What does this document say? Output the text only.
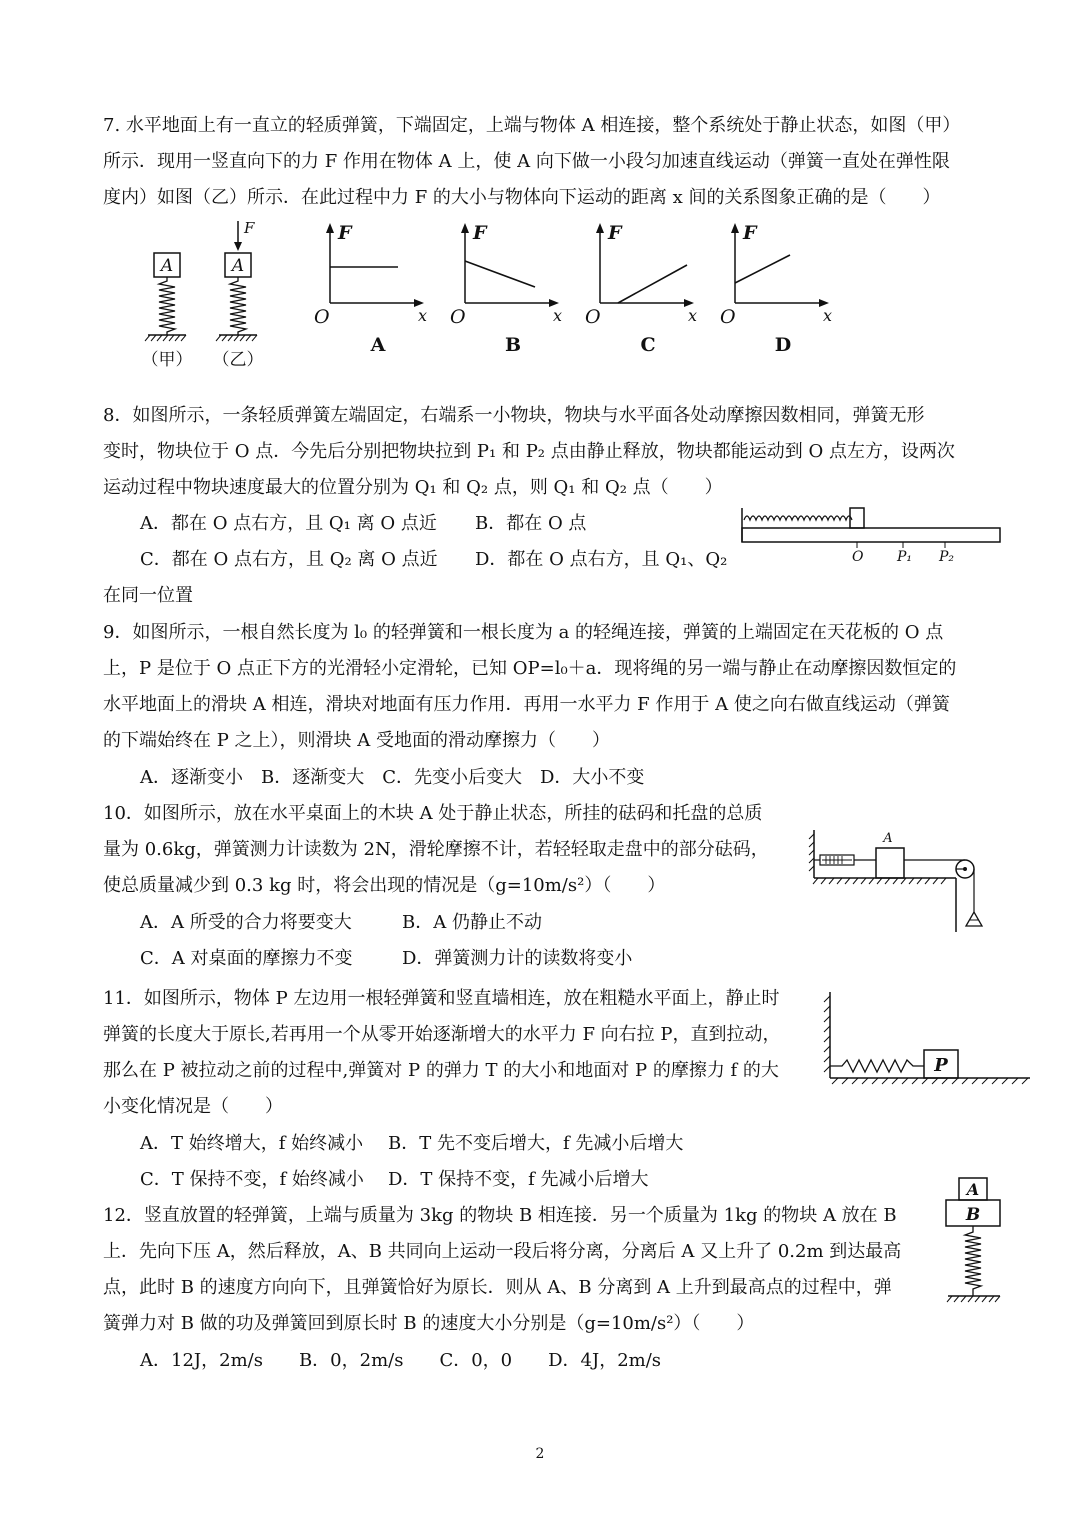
7. 水平地面上有一直立的轻质弹簧，下端固定，上端与物体 A 相连接，整个系统处于静止状态，如图（甲）

所示．现用一竖直向下的力 F 作用在物体 A 上，使 A 向下做一小段匀加速直线运动（弹簧一直处在弹性限

度内）如图（乙）所示．在此过程中力 F 的大小与物体向下运动的距离 x 间的关系图象正确的是（　　）

A
（甲）
F
A
（乙）
F
O	x
A
F
O	x
B
F
O	x
C
F
O	x
D

8．如图所示，一条轻质弹簧左端固定，右端系一小物块，物块与水平面各处动摩擦因数相同，弹簧无形

变时，物块位于 O 点．今先后分别把物块拉到 P₁ 和 P₂ 点由静止释放，物块都能运动到 O 点左方，设两次

运动过程中物块速度最大的位置分别为 Q₁ 和 Q₂ 点，则 Q₁ 和 Q₂ 点（　　）

A．都在 O 点右方，且 Q₁ 离 O 点近 B．都在 O 点

C．都在 O 点右方，且 Q₂ 离 O 点近 D．都在 O 点右方，且 Q₁、Q₂

在同一位置

O P₁ P₂

9．如图所示，一根自然长度为 l₀ 的轻弹簧和一根长度为 a 的轻绳连接，弹簧的上端固定在天花板的 O 点

上，P 是位于 O 点正下方的光滑轻小定滑轮，已知 OP=l₀＋a．现将绳的另一端与静止在动摩擦因数恒定的

水平地面上的滑块 A 相连，滑块对地面有压力作用．再用一水平力 F 作用于 A 使之向右做直线运动（弹簧

的下端始终在 P 之上），则滑块 A 受地面的滑动摩擦力（　　）

A．逐渐变小　B．逐渐变大　C．先变小后变大　D．大小不变

10．如图所示，放在水平桌面上的木块 A 处于静止状态，所挂的砝码和托盘的总质

量为 0.6kg，弹簧测力计读数为 2N，滑轮摩擦不计，若轻轻取走盘中的部分砝码，

使总质量减少到 0.3 kg 时，将会出现的情况是（g=10m/s²）（　　）

A．A 所受的合力将要变大	B．A 仍静止不动

C．A 对桌面的摩擦力不变	D．弹簧测力计的读数将变小

A

11．如图所示，物体 P 左边用一根轻弹簧和竖直墙相连，放在粗糙水平面上，静止时

弹簧的长度大于原长,若再用一个从零开始逐渐增大的水平力 F 向右拉 P，直到拉动，

那么在 P 被拉动之前的过程中,弹簧对 P 的弹力 T 的大小和地面对 P 的摩擦力 f 的大

小变化情况是（　　）

A．T 始终增大，f 始终减小 B．T 先不变后增大，f 先减小后增大

C．T 保持不变，f 始终减小 D．T 保持不变，f 先减小后增大

P

12．竖直放置的轻弹簧，上端与质量为 3kg 的物块 B 相连接．另一个质量为 1kg 的物块 A 放在 B

上．先向下压 A，然后释放，A、B 共同向上运动一段后将分离，分离后 A 又上升了 0.2m 到达最高

点，此时 B 的速度方向向下，且弹簧恰好为原长．则从 A、B 分离到 A 上升到最高点的过程中，弹

簧弹力对 B 做的功及弹簧回到原长时 B 的速度大小分别是（g=10m/s²）（　　）

A．12J，2m/s　　B．0，2m/s　　C．0，0　　D．4J，2m/s

A
B
2
